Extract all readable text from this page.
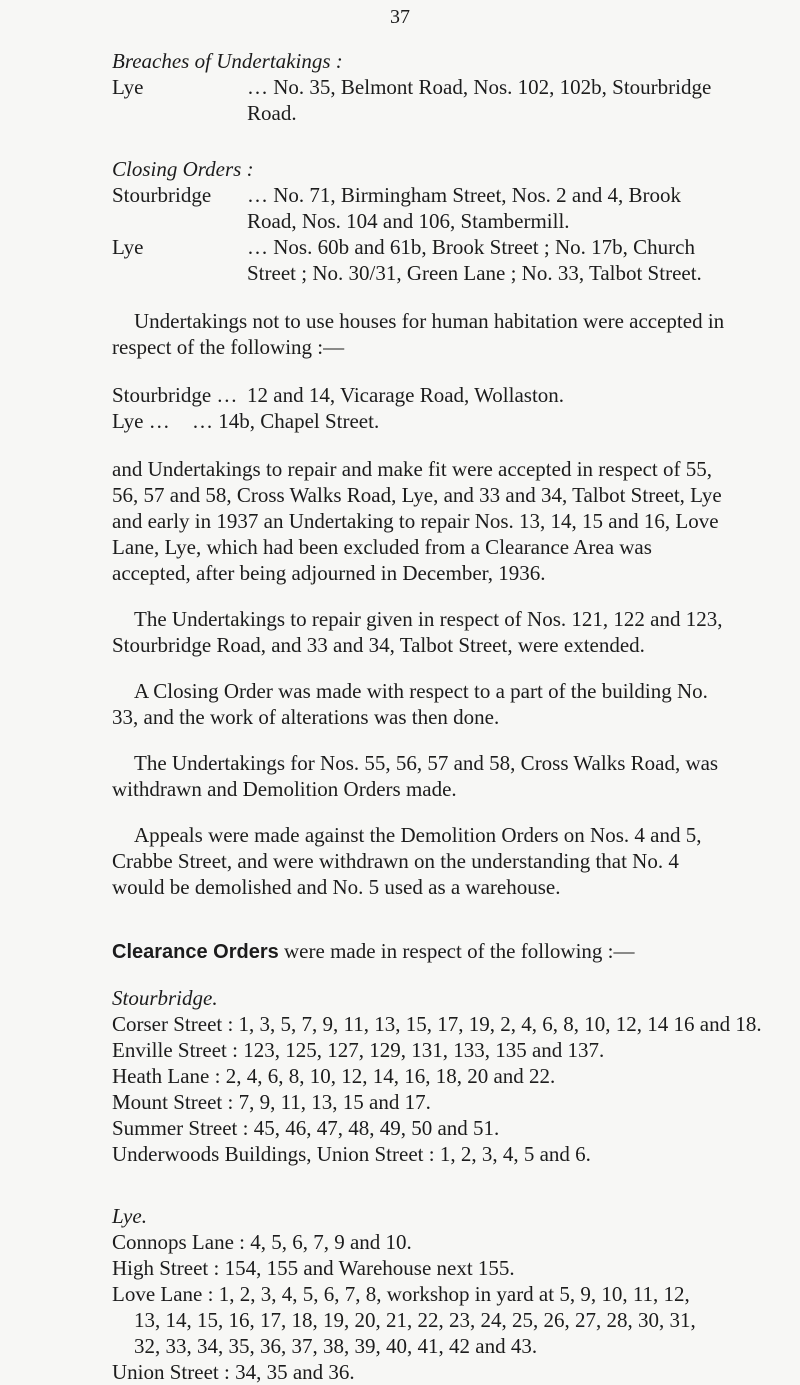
37
Breaches of Undertakings :
Lye	… No. 35, Belmont Road, Nos. 102, 102b, Stourbridge Road.
Closing Orders :
Stourbridge	… No. 71, Birmingham Street, Nos. 2 and 4, Brook Road, Nos. 104 and 106, Stambermill.
Lye	… Nos. 60b and 61b, Brook Street ; No. 17b, Church Street ; No. 30/31, Green Lane ; No. 33, Talbot Street.

Undertakings not to use houses for human habitation were accepted in respect of the following :—

Stourbridge … 12 and 14, Vicarage Road, Wollaston.
Lye …	… 14b, Chapel Street.

and Undertakings to repair and make fit were accepted in respect of 55, 56, 57 and 58, Cross Walks Road, Lye, and 33 and 34, Talbot Street, Lye and early in 1937 an Undertaking to repair Nos. 13, 14, 15 and 16, Love Lane, Lye, which had been excluded from a Clearance Area was accepted, after being adjourned in December, 1936.

The Undertakings to repair given in respect of Nos. 121, 122 and 123, Stourbridge Road, and 33 and 34, Talbot Street, were extended.

A Closing Order was made with respect to a part of the building No. 33, and the work of alterations was then done.

The Undertakings for Nos. 55, 56, 57 and 58, Cross Walks Road, was withdrawn and Demolition Orders made.

Appeals were made against the Demolition Orders on Nos. 4 and 5, Crabbe Street, and were withdrawn on the understanding that No. 4 would be demolished and No. 5 used as a warehouse.

Clearance Orders were made in respect of the following :—

Stourbridge.
Corser Street : 1, 3, 5, 7, 9, 11, 13, 15, 17, 19, 2, 4, 6, 8, 10, 12, 14 16 and 18.
Enville Street : 123, 125, 127, 129, 131, 133, 135 and 137.
Heath Lane : 2, 4, 6, 8, 10, 12, 14, 16, 18, 20 and 22.
Mount Street : 7, 9, 11, 13, 15 and 17.
Summer Street : 45, 46, 47, 48, 49, 50 and 51.
Underwoods Buildings, Union Street : 1, 2, 3, 4, 5 and 6.
Lye.
Connops Lane : 4, 5, 6, 7, 9 and 10.
High Street : 154, 155 and Warehouse next 155.
Love Lane : 1, 2, 3, 4, 5, 6, 7, 8, workshop in yard at 5, 9, 10, 11, 12,
13, 14, 15, 16, 17, 18, 19, 20, 21, 22, 23, 24, 25, 26, 27, 28, 30, 31,
32, 33, 34, 35, 36, 37, 38, 39, 40, 41, 42 and 43.
Union Street : 34, 35 and 36.
